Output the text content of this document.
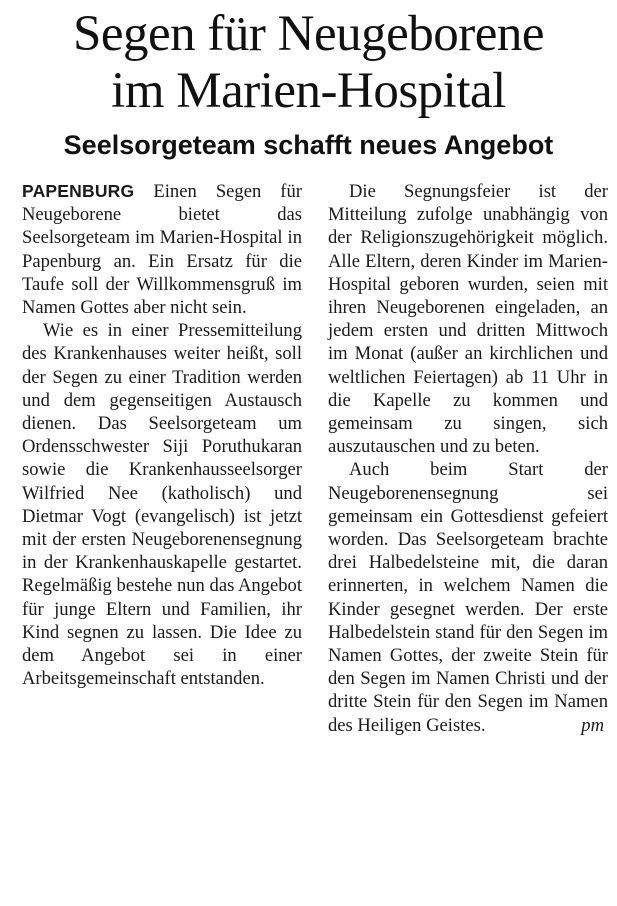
Segen für Neugeborene
im Marien-Hospital
Seelsorgeteam schafft neues Angebot

PAPENBURG Einen Segen für Neugeborene bietet das Seelsorgeteam im Marien-Hospital in Papenburg an. Ein Ersatz für die Taufe soll der Willkommensgruß im Namen Gottes aber nicht sein.

Wie es in einer Pressemitteilung des Krankenhauses weiter heißt, soll der Segen zu einer Tradition werden und dem gegenseitigen Austausch dienen. Das Seelsorgeteam um Ordensschwester Siji Poruthukaran sowie die Krankenhausseelsorger Wilfried Nee (katholisch) und Dietmar Vogt (evangelisch) ist jetzt mit der ersten Neugeborenensegnung in der Krankenhauskapelle gestartet. Regelmäßig bestehe nun das Angebot für junge Eltern und Familien, ihr Kind segnen zu lassen. Die Idee zu dem Angebot sei in einer Arbeitsgemeinschaft entstanden.

Die Segnungsfeier ist der Mitteilung zufolge unabhängig von der Religionszugehörigkeit möglich. Alle Eltern, deren Kinder im Marien-Hospital geboren wurden, seien mit ihren Neugeborenen eingeladen, an jedem ersten und dritten Mittwoch im Monat (außer an kirchlichen und weltlichen Feiertagen) ab 11 Uhr in die Kapelle zu kommen und gemeinsam zu singen, sich auszutauschen und zu beten.

Auch beim Start der Neugeborenensegnung sei gemeinsam ein Gottesdienst gefeiert worden. Das Seelsorgeteam brachte drei Halbedelsteine mit, die daran erinnerten, in welchem Namen die Kinder gesegnet werden. Der erste Halbedelstein stand für den Segen im Namen Gottes, der zweite Stein für den Segen im Namen Christi und der dritte Stein für den Segen im Namen des Heiligen Geistes.	pm
